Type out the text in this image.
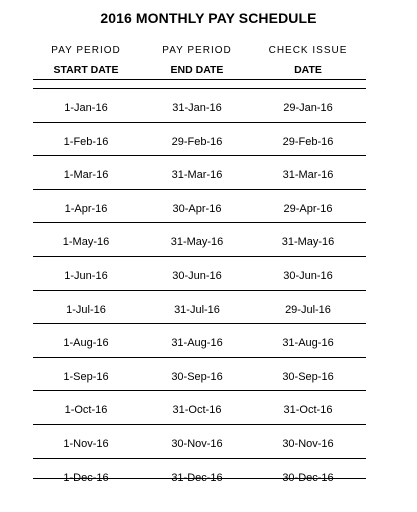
2016 MONTHLY PAY SCHEDULE
PAY PERIOD	PAY PERIOD	CHECK ISSUE
START DATE	END DATE	DATE
1-Jan-16	31-Jan-16	29-Jan-16
1-Feb-16	29-Feb-16	29-Feb-16
1-Mar-16	31-Mar-16	31-Mar-16
1-Apr-16	30-Apr-16	29-Apr-16
1-May-16	31-May-16	31-May-16
1-Jun-16	30-Jun-16	30-Jun-16
1-Jul-16	31-Jul-16	29-Jul-16
1-Aug-16	31-Aug-16	31-Aug-16
1-Sep-16	30-Sep-16	30-Sep-16
1-Oct-16	31-Oct-16	31-Oct-16
1-Nov-16	30-Nov-16	30-Nov-16
1-Dec-16	31-Dec-16	30-Dec-16
